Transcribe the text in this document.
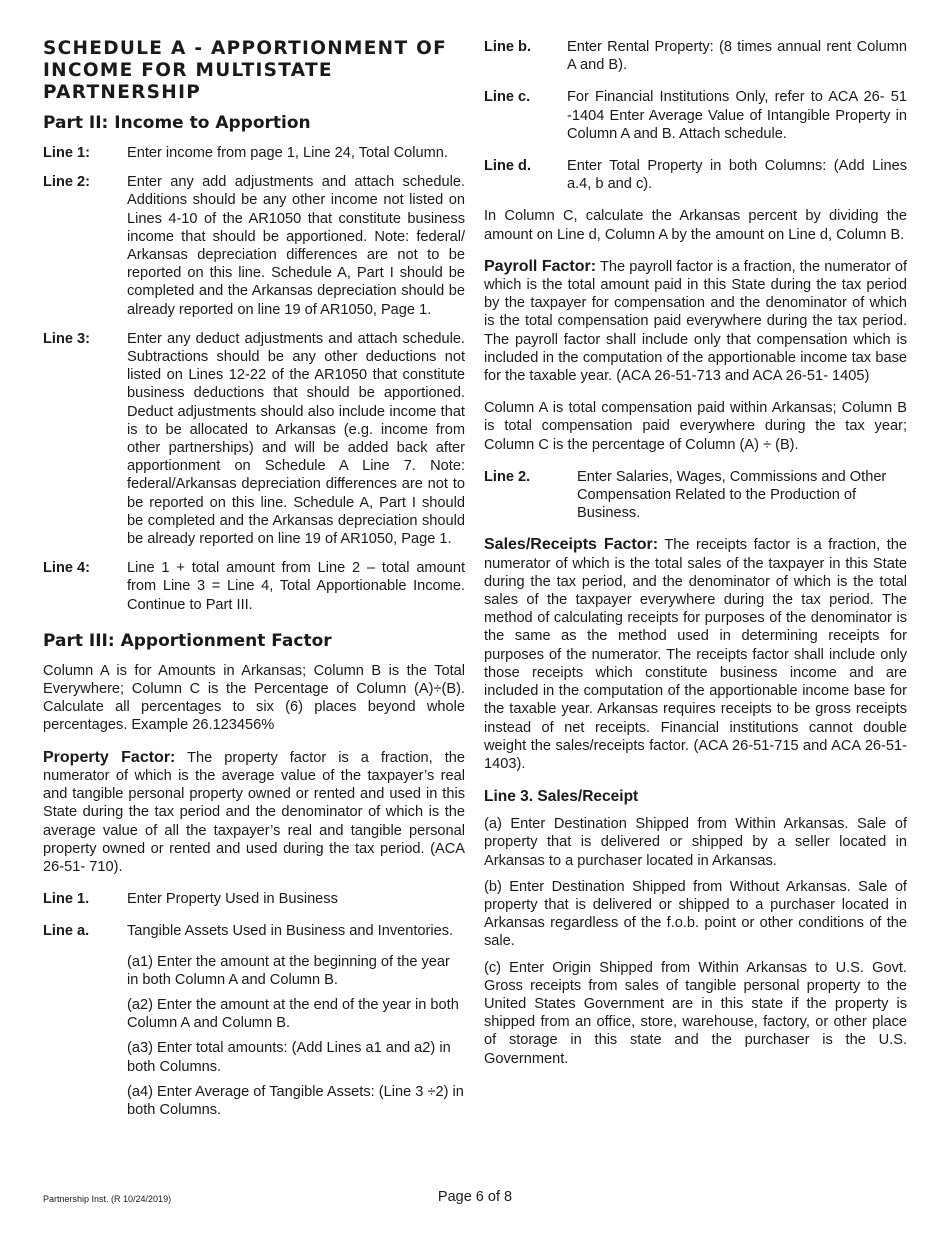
SCHEDULE A - APPORTIONMENT OF INCOME FOR MULTISTATE PARTNERSHIP
Part II: Income to Apportion
Line 1:	Enter income from page 1, Line 24, Total Column.
Line 2:	Enter any add adjustments and attach schedule. Additions should be any other income not listed on Lines 4-10 of the AR1050 that constitute business income that should be apportioned. Note: federal/ Arkansas depreciation differences are not to be reported on this line. Schedule A, Part I should be completed and the Arkansas depreciation should be already reported on line 19 of AR1050, Page 1.
Line 3:	Enter any deduct adjustments and attach schedule. Subtractions should be any other deductions not listed on Lines 12-22 of the AR1050 that constitute business deductions that should be apportioned. Deduct adjustments should also include income that is to be allocated to Arkansas (e.g. income from other partnerships) and will be added back after apportionment on Schedule A Line 7. Note: federal/Arkansas depreciation differences are not to be reported on this line. Schedule A, Part I should be completed and the Arkansas depreciation should be already reported on line 19 of AR1050, Page 1.
Line 4:	Line 1 + total amount from Line 2 – total amount from Line 3 = Line 4, Total Apportionable Income. Continue to Part III.
Part III: Apportionment Factor

Column A is for Amounts in Arkansas; Column B is the Total Everywhere; Column C is the Percentage of Column (A)÷(B). Calculate all percentages to six (6) places beyond whole percentages. Example 26.123456%

Property Factor: The property factor is a fraction, the numerator of which is the average value of the taxpayer’s real and tangible personal property owned or rented and used in this State during the tax period and the denominator of which is the average value of all the taxpayer’s real and tangible personal property owned or rented and used during the tax period. (ACA 26-51- 710).

Line 1.	Enter Property Used in Business
Line a.	Tangible Assets Used in Business and Inventories.
(a1) Enter the amount at the beginning of the year in both Column A and Column B.
(a2) Enter the amount at the end of the year in both Column A and Column B.
(a3) Enter total amounts: (Add Lines a1 and a2) in both Columns.
(a4) Enter Average of Tangible Assets: (Line 3 ÷2) in both Columns.
Line b.	Enter Rental Property: (8 times annual rent Column A and B).
Line c.	For Financial Institutions Only, refer to ACA 26- 51 -1404 Enter Average Value of Intangible Property in Column A and B. Attach schedule.
Line d.	Enter Total Property in both Columns: (Add Lines a.4, b and c).

In Column C, calculate the Arkansas percent by dividing the amount on Line d, Column A by the amount on Line d, Column B.

Payroll Factor: The payroll factor is a fraction, the numerator of which is the total amount paid in this State during the tax period by the taxpayer for compensation and the denominator of which is the total compensation paid everywhere during the tax period. The payroll factor shall include only that compensation which is included in the computation of the apportionable income tax base for the taxable year. (ACA 26-51-713 and ACA 26-51- 1405)

Column A is total compensation paid within Arkansas; Column B is total compensation paid everywhere during the tax year; Column C is the percentage of Column (A) ÷ (B).

Line 2.	Enter Salaries, Wages, Commissions and Other Compensation Related to the Production of Business.

Sales/Receipts Factor: The receipts factor is a fraction, the numerator of which is the total sales of the taxpayer in this State during the tax period, and the denominator of which is the total sales of the taxpayer everywhere during the tax period. The method of calculating receipts for purposes of the denominator is the same as the method used in determining receipts for purposes of the numerator. The receipts factor shall include only those receipts which constitute business income and are included in the computation of the apportionable income base for the taxable year. Arkansas requires receipts to be gross receipts instead of net receipts. Financial institutions cannot double weight the sales/receipts factor. (ACA 26-51-715 and ACA 26-51-1403).

Line 3. Sales/Receipt

(a) Enter Destination Shipped from Within Arkansas. Sale of property that is delivered or shipped by a seller located in Arkansas to a purchaser located in Arkansas.

(b) Enter Destination Shipped from Without Arkansas. Sale of property that is delivered or shipped to a purchaser located in Arkansas regardless of the f.o.b. point or other conditions of the sale.

(c) Enter Origin Shipped from Within Arkansas to U.S. Govt. Gross receipts from sales of tangible personal property to the United States Government are in this state if the property is shipped from an office, store, warehouse, factory, or other place of storage in this state and the purchaser is the U.S. Government.

Partnership Inst. (R 10/24/2019)	Page 6 of 8
